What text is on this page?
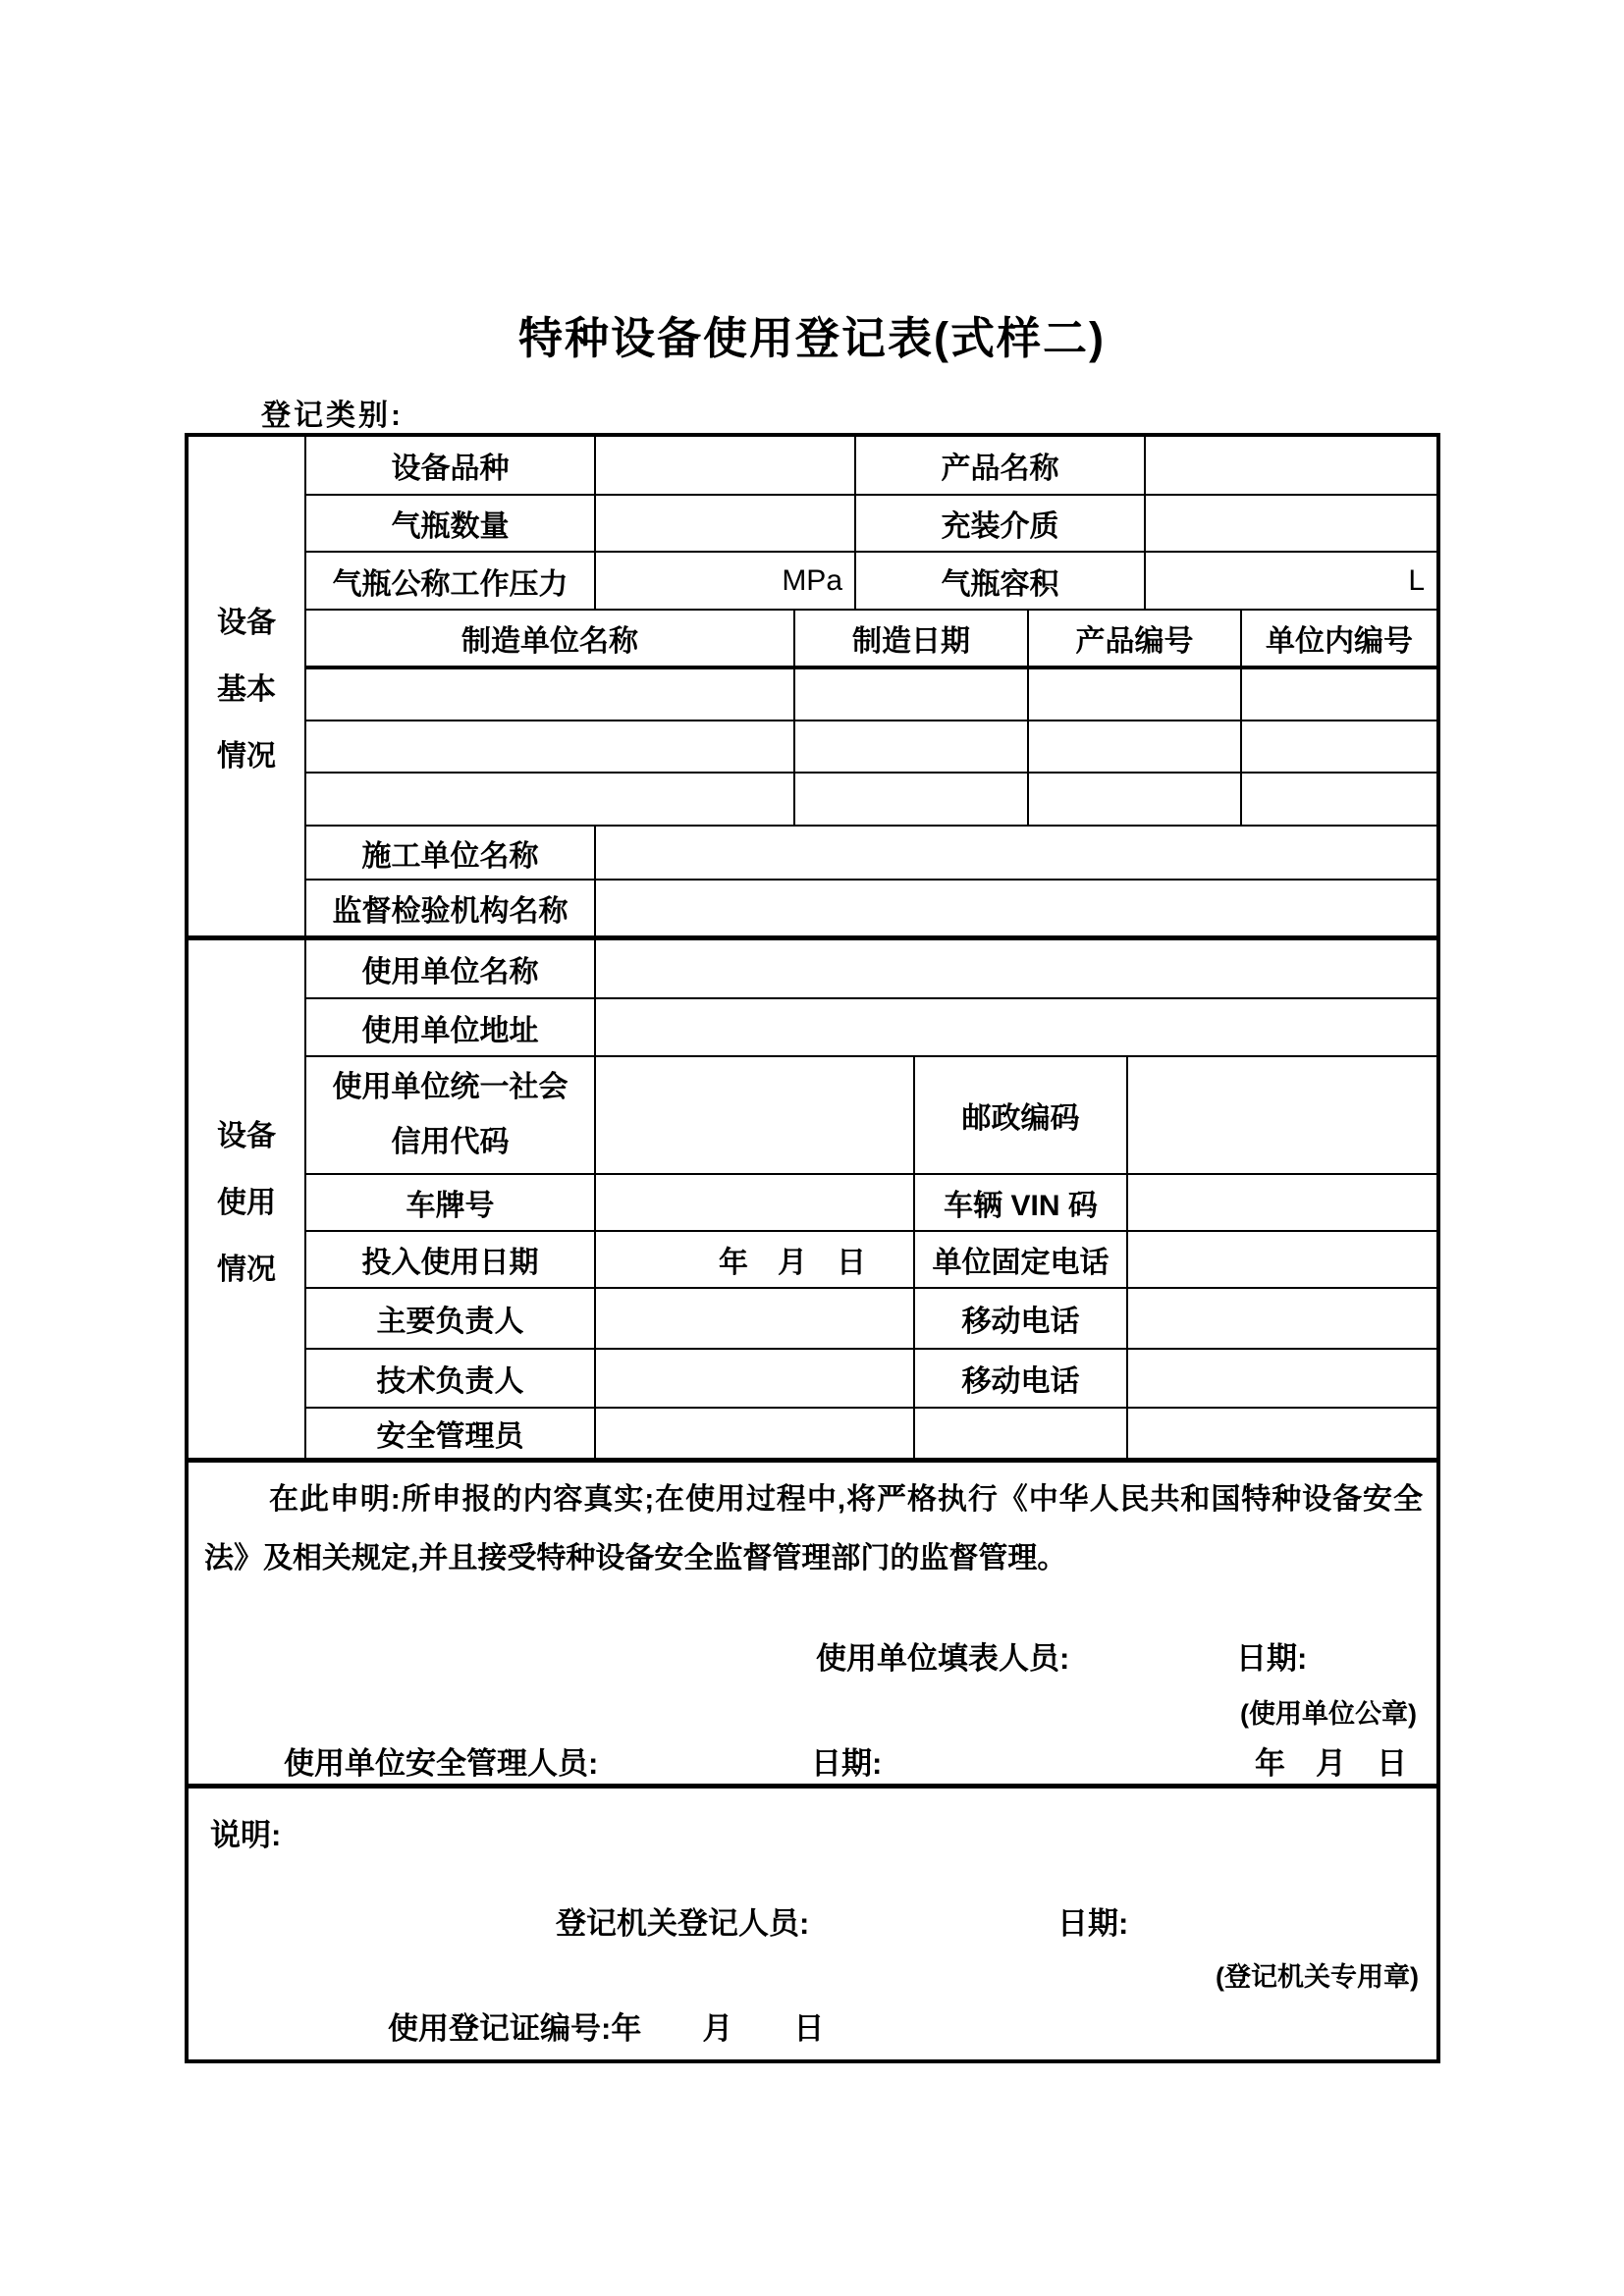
特种设备使用登记表(式样二)
登记类别:
设备
基本
情况
设备品种	产品名称
气瓶数量	充装介质
气瓶公称工作压力	MPa	气瓶容积	L
制造单位名称	制造日期	产品编号	单位内编号
施工单位名称
监督检验机构名称
设备
使用
情况
使用单位名称
使用单位地址
使用单位统一社会
信用代码
邮政编码
车牌号	车辆 VIN 码
投入使用日期	年　月　日	单位固定电话
主要负责人	移动电话
技术负责人	移动电话
安全管理员
在此申明:所申报的内容真实;在使用过程中,将严格执行《中华人民共和国特种设备安全法》及相关规定,并且接受特种设备安全监督管理部门的监督管理。
使用单位填表人员:	日期:
(使用单位公章)
使用单位安全管理人员:	日期:	年　月　日
说明:
登记机关登记人员:	日期:
(登记机关专用章)
使用登记证编号:年　　月　　日
